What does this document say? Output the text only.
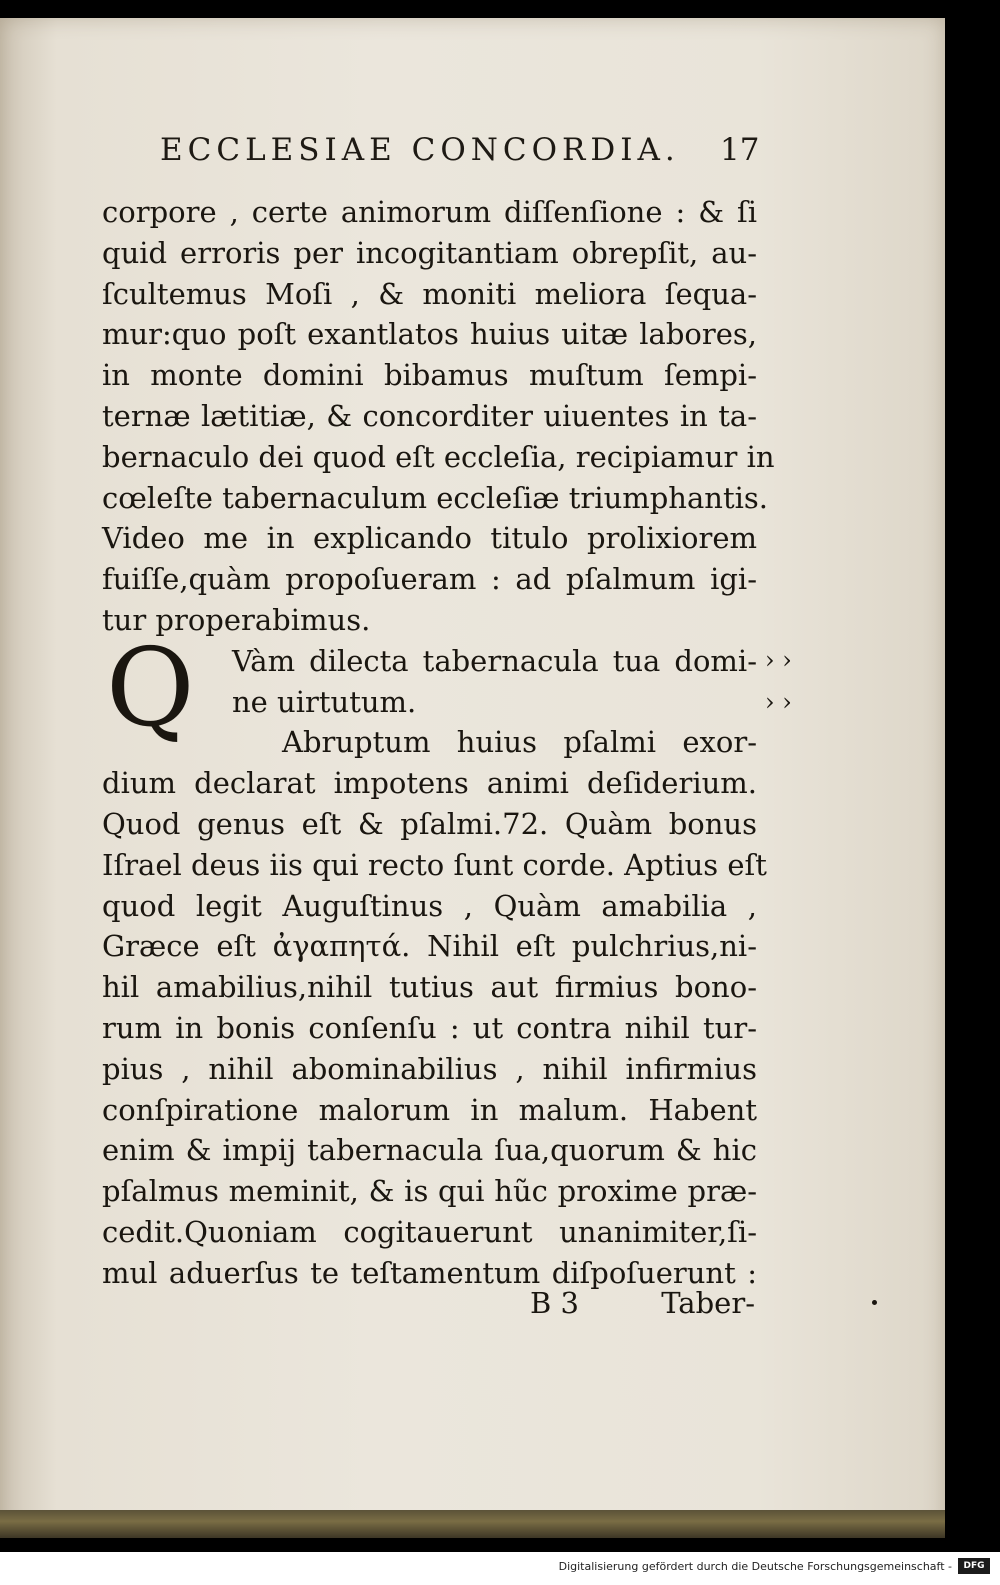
ECCLESIAE CONCORDIA. 17
corpore , certe animorum diſſenſione : & ſi
quid erroris per incogitantiam obrepſit, au-
ſcultemus Moſi , & moniti meliora ſequa-
mur:quo poſt exantlatos huius uitæ labores,
in monte domini bibamus muſtum ſempi-
ternæ lætitiæ, & concorditer uiuentes in ta-
bernaculo dei quod eſt eccleſia, recipiamur in
cœleſte tabernaculum eccleſiæ triumphantis.
Video me in explicando titulo prolixiorem
fuiſſe,quàm propoſueram : ad pſalmum igi-
tur properabimus.
Q	Vàm dilecta tabernacula tua domi-
ne uirtutum.
Abruptum huius pſalmi exor-
dium declarat impotens animi deſiderium.
Quod genus eſt & pſalmi.72. Quàm bonus
Iſrael deus iis qui recto ſunt corde. Aptius eſt
quod legit Auguſtinus , Quàm amabilia ,
Græce eſt ἀγαπητά. Nihil eſt pulchrius,ni-
hil amabilius,nihil tutius aut firmius bono-
rum in bonis conſenſu : ut contra nihil tur-
pius , nihil abominabilius , nihil infirmius
conſpiratione malorum in malum. Habent
enim & impij tabernacula ſua,quorum & hic
pſalmus meminit, & is qui hũc proxime præ-
cedit.Quoniam cogitauerunt unanimiter,ſi-
mul aduerſus te teſtamentum diſpoſuerunt :
› ›
› ›
B 3	Taber-
Digitalisierung gefördert durch die Deutsche Forschungsgemeinschaft -	DFG
